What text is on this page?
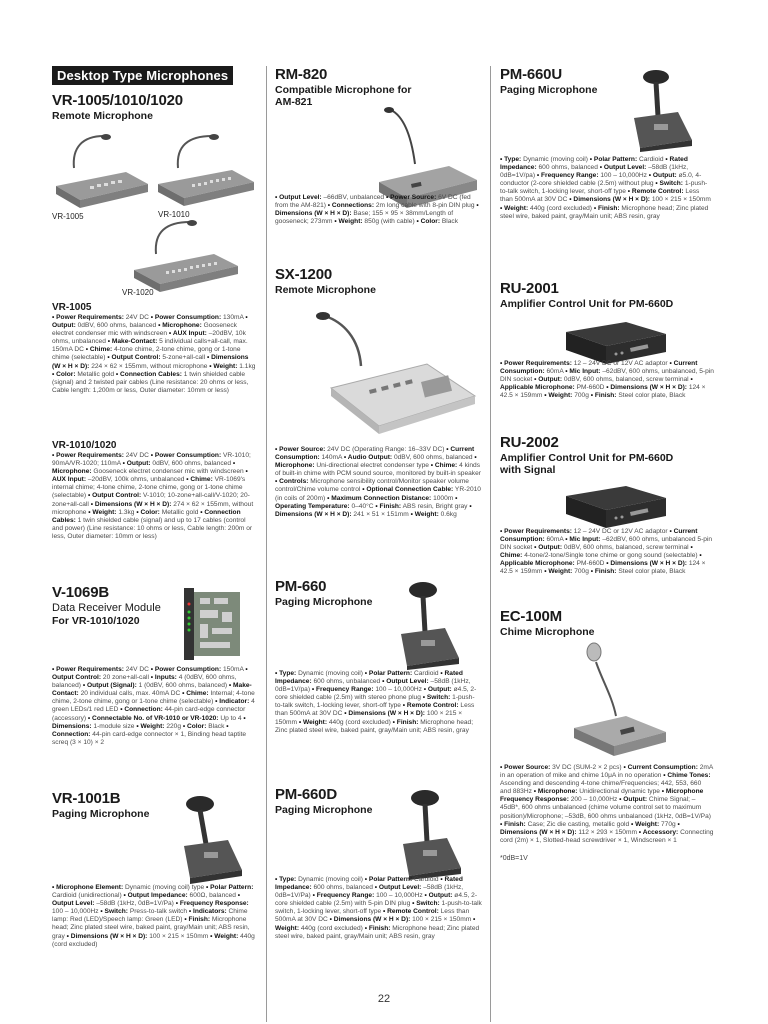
Desktop Type Microphones
VR-1005/1010/1020
Remote Microphone
VR-1005	VR-1010
VR-1020
VR-1005
• Power Requirements: 24V DC • Power Consumption: 130mA • Output: 0dBV, 600 ohms, balanced • Microphone: Gooseneck electret condenser mic with windscreen • AUX Input: –20dBV, 10k ohms, unbalanced • Make-Contact: 5 individual calls+all-call, max. 150mA DC • Chime: 4-tone chime, 2-tone chime, gong or 1-tone chime (selectable) • Output Control: 5-zone+all-call • Dimensions (W × H × D): 224 × 62 × 155mm, without microphone • Weight: 1.1kg • Color: Metallic gold • Connection Cables: 1 twin shielded cable (signal) and 2 twisted pair cables (Line resistance: 20 ohms or less, Cable length: 1,200m or less, Outer diameter: 10mm or less)
VR-1010/1020
• Power Requirements: 24V DC • Power Consumption: VR-1010; 90mA/VR-1020; 110mA • Output: 0dBV, 600 ohms, balanced • Microphone: Gooseneck electret condenser mic with windscreen • AUX Input: –20dBV, 100k ohms, unbalanced • Chime: VR-1069's internal chime; 4-tone chime, 2-tone chime, gong or 1-tone chime (selectable) • Output Control: V-1010; 10-zone+all-call/V-1020; 20-zone+all-call • Dimensions (W × H × D): 274 × 62 × 155mm, without microphone • Weight: 1.3kg • Color: Metallic gold • Connection Cables: 1 twin shielded cable (signal) and up to 17 cables (control and power) (Line resistance: 10 ohms or less, Cable length: 200m or less, Outer diameter: 10mm or less)
V-1069B
Data Receiver Module
For VR-1010/1020
• Power Requirements: 24V DC • Power Consumption: 150mA • Output Control: 20 zone+all-call • Inputs: 4 (0dBV, 600 ohms, balanced) • Output (Signal): 1 (0dBV, 600 ohms, balanced) • Make-Contact: 20 individual calls, max. 40mA DC • Chime: Internal; 4-tone chime, 2-tone chime, gong or 1-tone chime (selectable) • Indicator: 4 green LEDs/1 red LED • Connection: 44-pin card-edge connector (accessory) • Connectable No. of VR-1010 or VR-1020: Up to 4 • Dimensions: 1-module size • Weight: 220g • Color: Black • Connection: 44-pin card-edge connector × 1, Binding head taptite screq (3 × 10) × 2
VR-1001B
Paging Microphone
• Microphone Element: Dynamic (moving coil) type • Polar Pattern: Cardioid (unidirectional) • Output Impedance: 600Ω, balanced • Output Level: –58dB (1kHz, 0dB=1V/Pa) • Frequency Response: 100 – 10,000Hz • Switch: Press-to-talk switch • Indicators: Chime lamp: Red (LED)/Speech lamp: Green (LED) • Finish: Microphone head; Zinc plated steel wire, baked paint, gray/Main unit; ABS resin, gray • Dimensions (W × H × D): 100 × 215 × 150mm • Weight: 440g (cord excluded)
RM-820
Compatible Microphone for AM-821
• Output Level: –66dBV, unbalanced • Power Source: 6V DC (fed from the AM-821) • Connections: 2m long cable with 8-pin DIN plug • Dimensions (W × H × D): Base; 155 × 95 × 38mm/Length of gooseneck; 273mm • Weight: 850g (with cable) • Color: Black
SX-1200
Remote Microphone
• Power Source: 24V DC (Operating Range: 16–33V DC) • Current Consumption: 140mA • Audio Output: 0dBV, 600 ohms, balanced • Microphone: Uni-directional electret condenser type • Chime: 4 kinds of built-in chime with PCM sound source, monitored by built-in speaker • Controls: Microphone sensibility control/Monitor speaker volume control/Chime volume control • Optional Connection Cable: YR-2010 (in coils of 200m) • Maximum Connection Distance: 1000m • Operating Temperature: 0–40°C • Finish: ABS resin, Bright gray • Dimensions (W × H × D): 241 × 51 × 151mm • Weight: 0.6kg
PM-660
Paging Microphone
• Type: Dynamic (moving coil) • Polar Pattern: Cardioid • Rated Impedance: 600 ohms, unbalanced • Output Level: –58dB (1kHz, 0dB=1V/pa) • Frequency Range: 100 – 10,000Hz • Output: ø4.5, 2-core shielded cable (2.5m) with stereo phone plug • Switch: 1-push-to-talk switch, 1-locking lever, short-off type • Remote Control: Less than 500mA at 30V DC • Dimensions (W × H × D): 100 × 215 × 150mm • Weight: 440g (cord excluded) • Finish: Microphone head; Zinc plated steel wire, baked paint, gray/Main unit; ABS resin, gray
PM-660D
Paging Microphone
• Type: Dynamic (moving coil) • Polar Pattern: Cardioid • Rated Impedance: 600 ohms, balanced • Output Level: –58dB (1kHz, 0dB=1V/Pa) • Frequency Range: 100 – 10,000Hz • Output: ø4.5, 2-core shielded cable (2.5m) with 5-pin DIN plug • Switch: 1-push-to-talk switch, 1-locking lever, short-off type • Remote Control: Less than 500mA at 30V DC • Dimensions (W × H × D): 100 × 215 × 150mm • Weight: 440g (cord excluded) • Finish: Microphone head; Zinc plated steel wire, baked paint, gray/Main unit; ABS resin, gray
PM-660U
Paging Microphone
• Type: Dynamic (moving coil) • Polar Pattern: Cardioid • Rated Impedance: 600 ohms, balanced • Output Level: –58dB (1kHz, 0dB=1V/pa) • Frequency Range: 100 – 10,000Hz • Output: ø5.0, 4-conductor (2-core shielded cable (2.5m) without plug • Switch: 1-push-to-talk switch, 1-locking lever, short-off type • Remote Control: Less than 500mA at 30V DC • Dimensions (W × H × D): 100 × 215 × 150mm • Weight: 440g (cord excluded) • Finish: Microphone head; Zinc plated steel wire, baked paint, gray/Main unit; ABS resin, gray
RU-2001
Amplifier Control Unit for PM-660D
• Power Requirements: 12 – 24V DC or 12V AC adaptor • Current Consumption: 60mA • Mic Input: –62dBV, 600 ohms, unbalanced, 5-pin DIN socket • Output: 0dBV, 600 ohms, balanced, screw terminal • Applicable Microphone: PM-660D • Dimensions (W × H × D): 124 × 42.5 × 159mm • Weight: 700g • Finish: Steel color plate, Black
RU-2002
Amplifier Control Unit for PM-660D with Signal
• Power Requirements: 12 – 24V DC or 12V AC adaptor • Current Consumption: 60mA • Mic Input: –62dBV, 600 ohms, unbalanced 5-pin DIN socket • Output: 0dBV, 600 ohms, balanced, screw terminal • Chime: 4-tone/2-tone/Single tone chime or gong sound (selectable) • Applicable Microphone: PM-660D • Dimensions (W × H × D): 124 × 42.5 × 159mm • Weight: 700g • Finish: Steel color plate, Black
EC-100M
Chime Microphone
• Power Source: 3V DC (SUM-2 × 2 pcs) • Current Consumption: 2mA in an operation of mike and chime 10μA in no operation • Chime Tones: Ascending and descending 4-tone chime/Frequencies; 442, 553, 660 and 883Hz • Microphone: Unidirectional dynamic type • Microphone Frequency Response: 200 – 10,000Hz • Output: Chime Signal; –45dB*, 600 ohms unbalanced (chime volume control set to maximum position)/Microphone; –53dB, 600 ohms unbalanced (1kHz, 0dB=1V/Pa) • Finish: Case; Zic die casting, metallic gold • Weight: 770g • Dimensions (W × H × D): 112 × 293 × 150mm • Accessory: Connecting cord (2m) × 1, Slotted-head screwdriver × 1, Windscreen × 1
*0dB=1V
22
